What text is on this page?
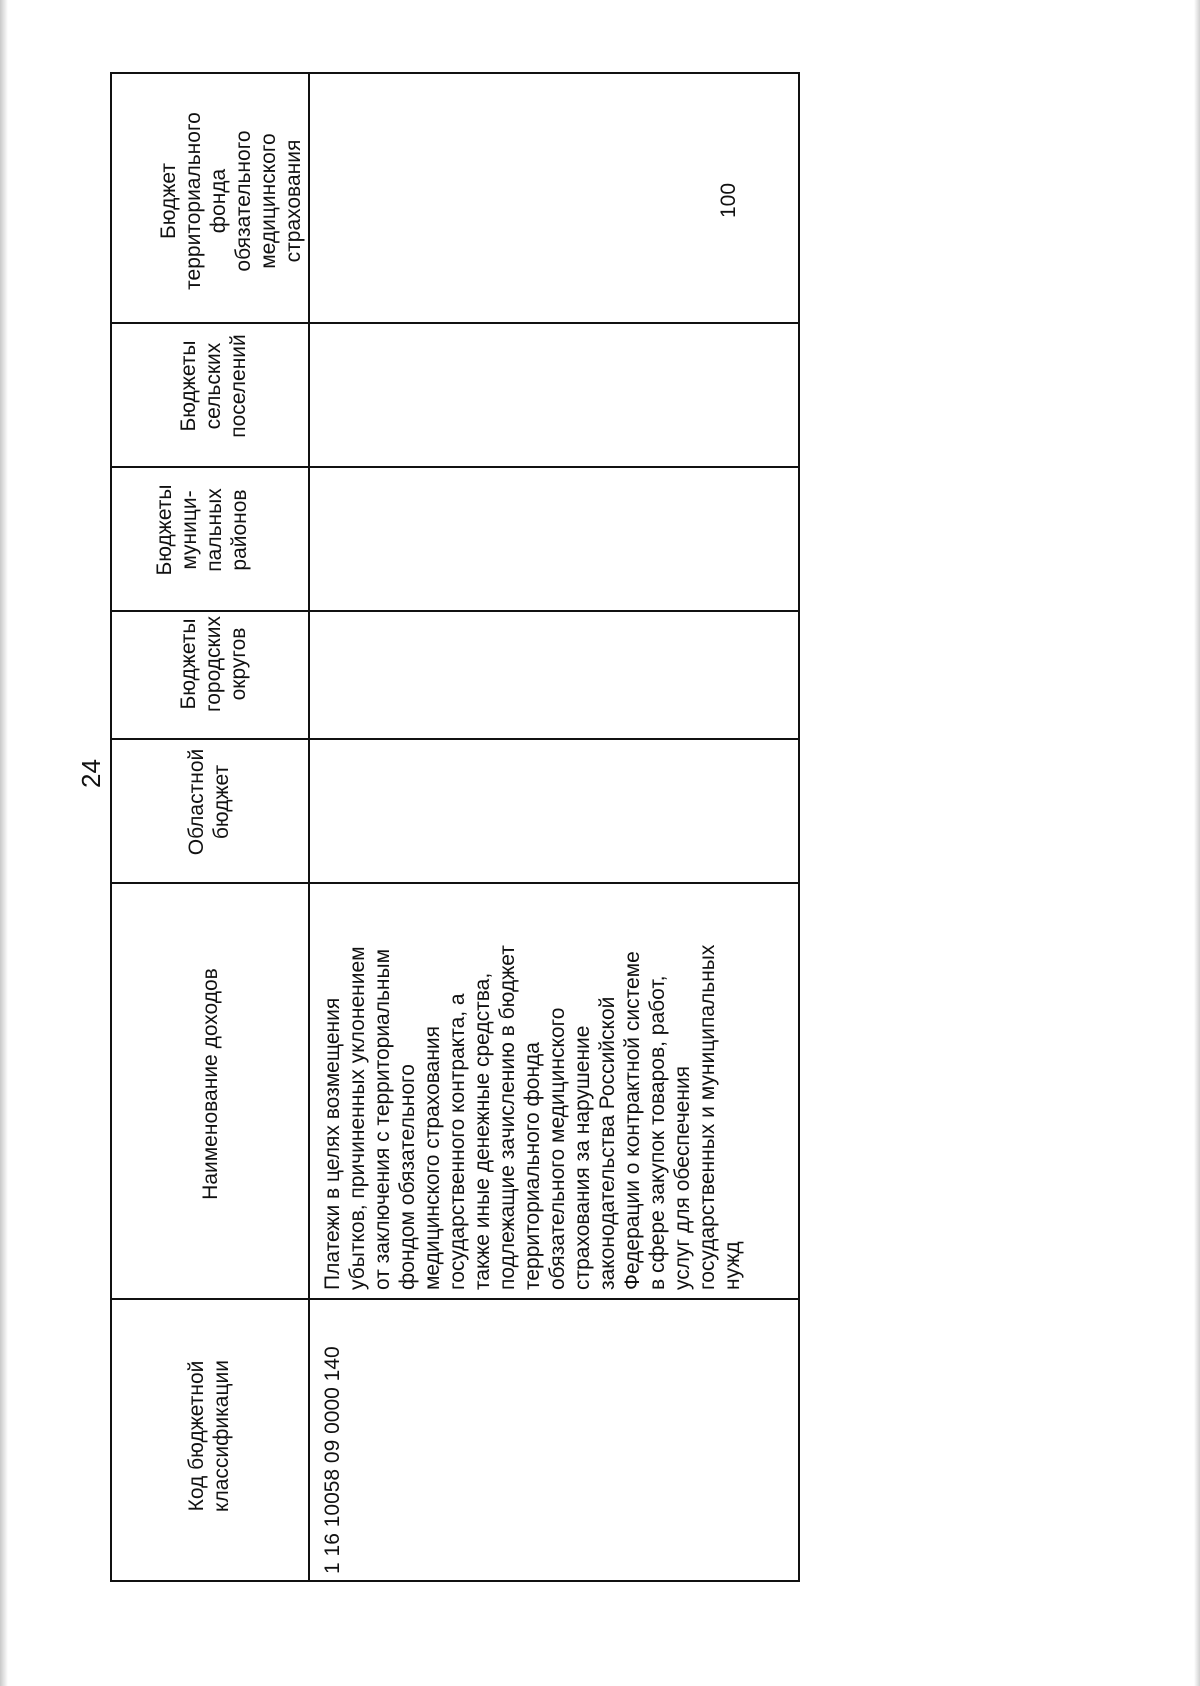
24
Бюджет территориального фонда обязательного медицинского страхования
Бюджеты сельских поселений
Бюджеты муници- пальных районов
Бюджеты городских округов
Областной бюджет
Наименование доходов
Код бюджетной классификации	1 16 10058 09 0000 140
Платежи в целях возмещения убытков, причиненных уклонением от заключения с территориальным фондом обязательного медицинского страхования государственного контракта, а также иные денежные средства, подлежащие зачислению в бюджет территориального фонда обязательного медицинского страхования за нарушение законодательства Российской Федерации о контрактной системе в сфере закупок товаров, работ, услуг для обеспечения государственных и муниципальных нужд
100
